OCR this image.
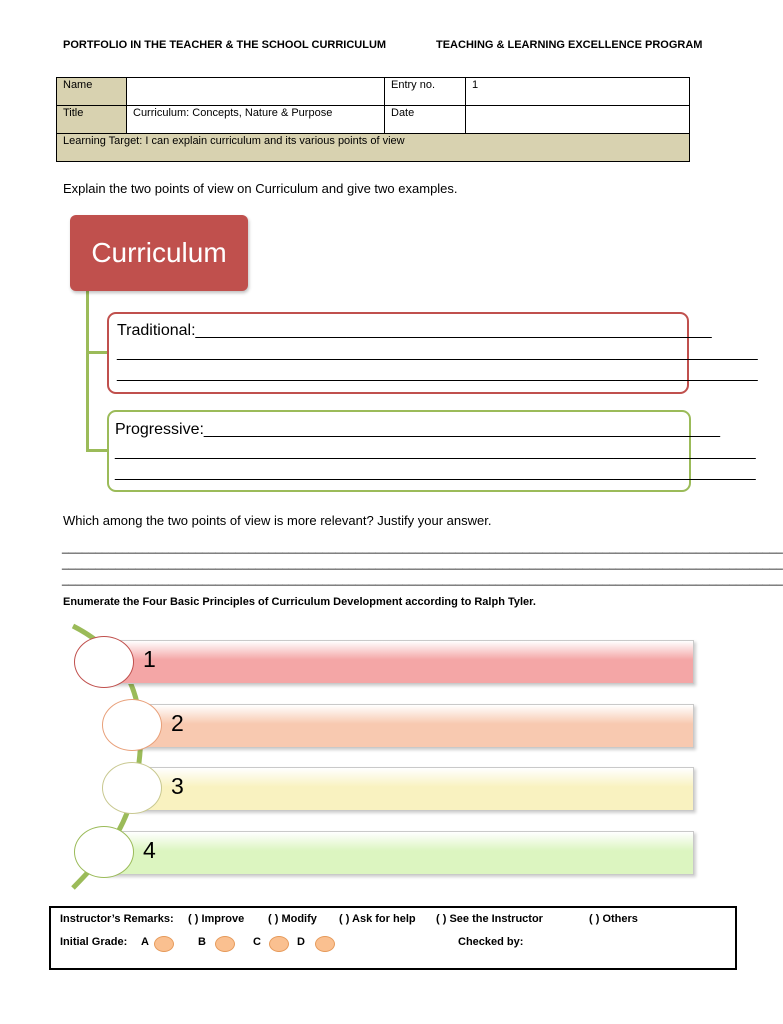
PORTFOLIO IN THE TEACHER & THE SCHOOL CURRICULUM	TEACHING & LEARNING EXCELLENCE PROGRAM
Name		Entry no.	1
Title	Curriculum: Concepts, Nature & Purpose	Date	
Learning Target: I can explain curriculum and its various points of view			
Explain the two points of view on Curriculum and give two examples.
Curriculum
Traditional:__________________________________________________________
________________________________________________________________________
________________________________________________________________________
Progressive:__________________________________________________________
________________________________________________________________________
________________________________________________________________________
Which among the two points of view is more relevant? Justify your answer.
____________________________________________________________________________________________________________
____________________________________________________________________________________________________________
____________________________________________________________________________________________________________
Enumerate the Four Basic Principles of Curriculum Development according to Ralph Tyler.
1
2
3
4
Instructor’s Remarks: ( ) Improve ( ) Modify ( ) Ask for help ( ) See the Instructor	( ) Others
Initial Grade: A	B	C	D	Checked by:
